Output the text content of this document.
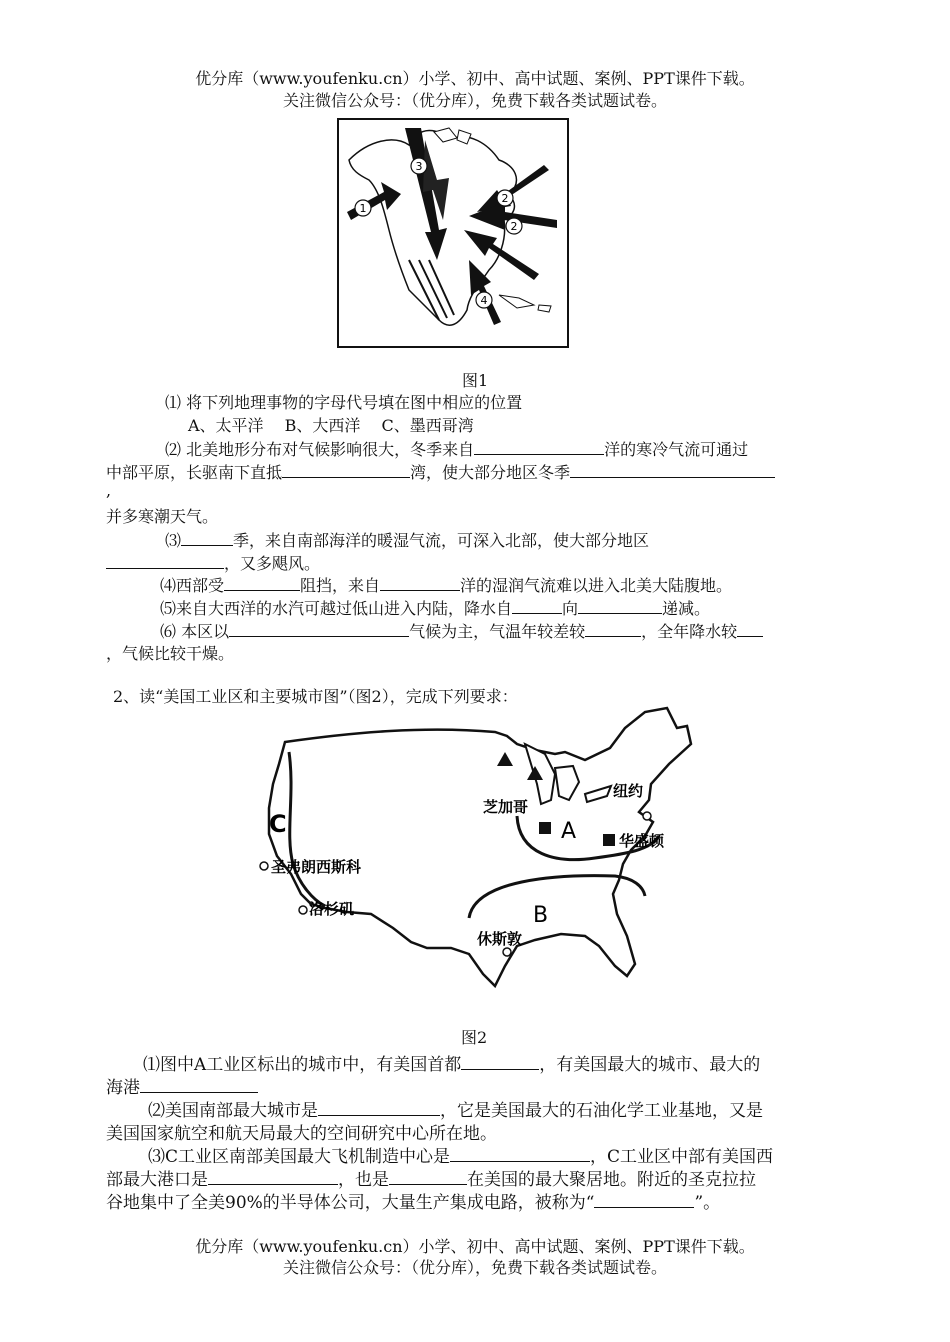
优分库（www.youfenku.cn）小学、初中、高中试题、案例、PPT课件下载。
关注微信公众号：（优分库），免费下载各类试题试卷。
1
3
2
2
4
图1
⑴ 将下列地理事物的字母代号填在图中相应的位置
A、太平洋　 B、大西洋　 C、墨西哥湾
⑵ 北美地形分布对气候影响很大，冬季来自	洋的寒冷气流可通过
中部平原，长驱南下直抵	湾，使大部分地区冬季
,
并多寒潮天气。
⑶	季，来自南部海洋的暖湿气流，可深入北部，使大部分地区
，又多飓风。
⑷西部受	阻挡，来自	洋的湿润气流难以进入北美大陆腹地。
⑸来自大西洋的水汽可越过低山进入内陆，降水自	向	递减。
⑹ 本区以	气候为主，气温年较差较	，全年降水较
，气候比较干燥。
2、读“美国工业区和主要城市图”（图2），完成下列要求：
A
B
C
芝加哥
纽约
华盛顿
圣弗朗西斯科
洛杉矶
休斯敦
图2
⑴图中A工业区标出的城市中，有美国首都	，有美国最大的城市、最大的
海港
⑵美国南部最大城市是	，它是美国最大的石油化学工业基地，又是
美国国家航空和航天局最大的空间研究中心所在地。
⑶C工业区南部美国最大飞机制造中心是	，C工业区中部有美国西
部最大港口是	，也是	在美国的最大聚居地。附近的圣克拉拉
谷地集中了全美90%的半导体公司，大量生产集成电路，被称为“	”。
优分库（www.youfenku.cn）小学、初中、高中试题、案例、PPT课件下载。
关注微信公众号：（优分库），免费下载各类试题试卷。
